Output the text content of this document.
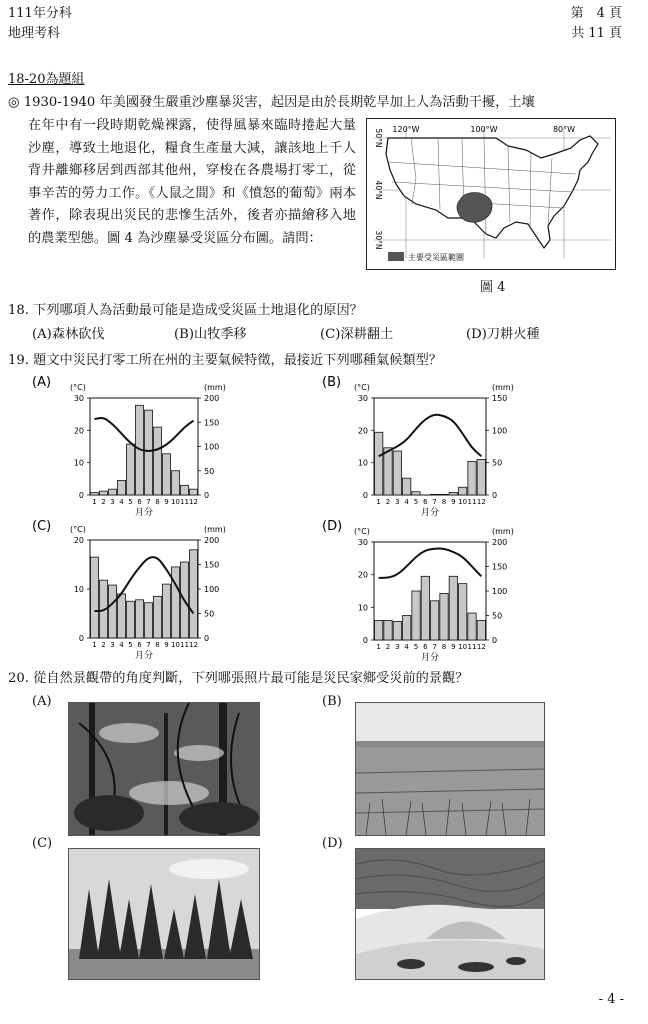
111年分科
地理考科
第　4 頁
共 11 頁
18-20為題組
◎ 1930-1940 年美國發生嚴重沙塵暴災害，起因是由於長期乾旱加上人為活動干擾，土壤
在年中有一段時期乾燥裸露，使得風暴來臨時捲起大量沙塵，導致土地退化，糧食生產量大減，讓該地上千人背井離鄉移居到西部其他州，穿梭在各農場打零工，從事辛苦的勞力工作。《人鼠之間》和《憤怒的葡萄》兩本著作，除表現出災民的悲慘生活外，後者亦描繪移入地的農業型態。圖 4 為沙塵暴受災區分布圖。請問：
120°W	100°W	80°W
50°N
40°N
30°N
主要受災區範圍
圖 4
18. 下列哪項人為活動最可能是造成受災區土地退化的原因？
(A)森林砍伐	(B)山牧季移	(C)深耕翻土	(D)刀耕火種
19. 題文中災民打零工所在州的主要氣候特徵，最接近下列哪種氣候類型？
(A) (°C)	(mm)
0
10
20
30
0
50
100
150
200
1 2 3 4 5 6 7 8 9 10 11 12
月分
(B) (°C)	(mm)
0
10
20
30
0
50
100
150
1 2 3 4 5 6 7 8 9 10 11 12
月分
(C) (°C)	(mm)
0
10
20
0
50
100
150
200
1 2 3 4 5 6 7 8 9 10 11 12
月分
(D) (°C)	(mm)
0
10
20
30
0
50
100
150
200
1 2 3 4 5 6 7 8 9 10 11 12
月分
20. 從自然景觀帶的角度判斷，下列哪張照片最可能是災民家鄉受災前的景觀？
(A)	(B)
(C)	(D)
- 4 -
